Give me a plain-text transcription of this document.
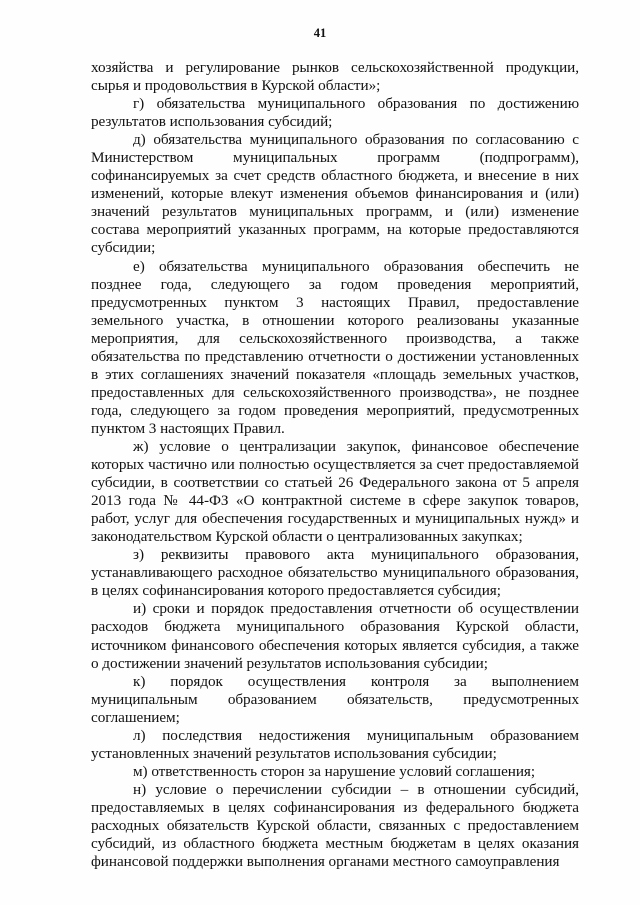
41

хозяйства и регулирование рынков сельскохозяйственной продукции, сырья и продовольствия в Курской области»;

г) обязательства муниципального образования по достижению результатов использования субсидий;

д) обязательства муниципального образования по согласованию с Министерством муниципальных программ (подпрограмм), софинансируемых за счет средств областного бюджета, и внесение в них изменений, которые влекут изменения объемов финансирования и (или) значений результатов муниципальных программ, и (или) изменение состава мероприятий указанных программ, на которые предоставляются субсидии;

е) обязательства муниципального образования обеспечить не позднее года, следующего за годом проведения мероприятий, предусмотренных пунктом 3 настоящих Правил, предоставление земельного участка, в отношении которого реализованы указанные мероприятия, для сельскохозяйственного производства, а также обязательства по представлению отчетности о достижении установленных в этих соглашениях значений показателя «площадь земельных участков, предоставленных для сельскохозяйственного производства», не позднее года, следующего за годом проведения мероприятий, предусмотренных пунктом 3 настоящих Правил.

ж) условие о централизации закупок, финансовое обеспечение которых частично или полностью осуществляется за счет предоставляемой субсидии, в соответствии со статьей 26 Федерального закона от 5 апреля 2013 года № 44-ФЗ «О контрактной системе в сфере закупок товаров, работ, услуг для обеспечения государственных и муниципальных нужд» и законодательством Курской области о централизованных закупках;

з) реквизиты правового акта муниципального образования, устанавливающего расходное обязательство муниципального образования, в целях софинансирования которого предоставляется субсидия;

и) сроки и порядок предоставления отчетности об осуществлении расходов бюджета муниципального образования Курской области, источником финансового обеспечения которых является субсидия, а также о достижении значений результатов использования субсидии;

к) порядок осуществления контроля за выполнением муниципальным образованием обязательств, предусмотренных соглашением;

л) последствия недостижения муниципальным образованием установленных значений результатов использования субсидии;

м) ответственность сторон за нарушение условий соглашения;

н) условие о перечислении субсидии – в отношении субсидий, предоставляемых в целях софинансирования из федерального бюджета расходных обязательств Курской области, связанных с предоставлением субсидий, из областного бюджета местным бюджетам в целях оказания финансовой поддержки выполнения органами местного самоуправления
